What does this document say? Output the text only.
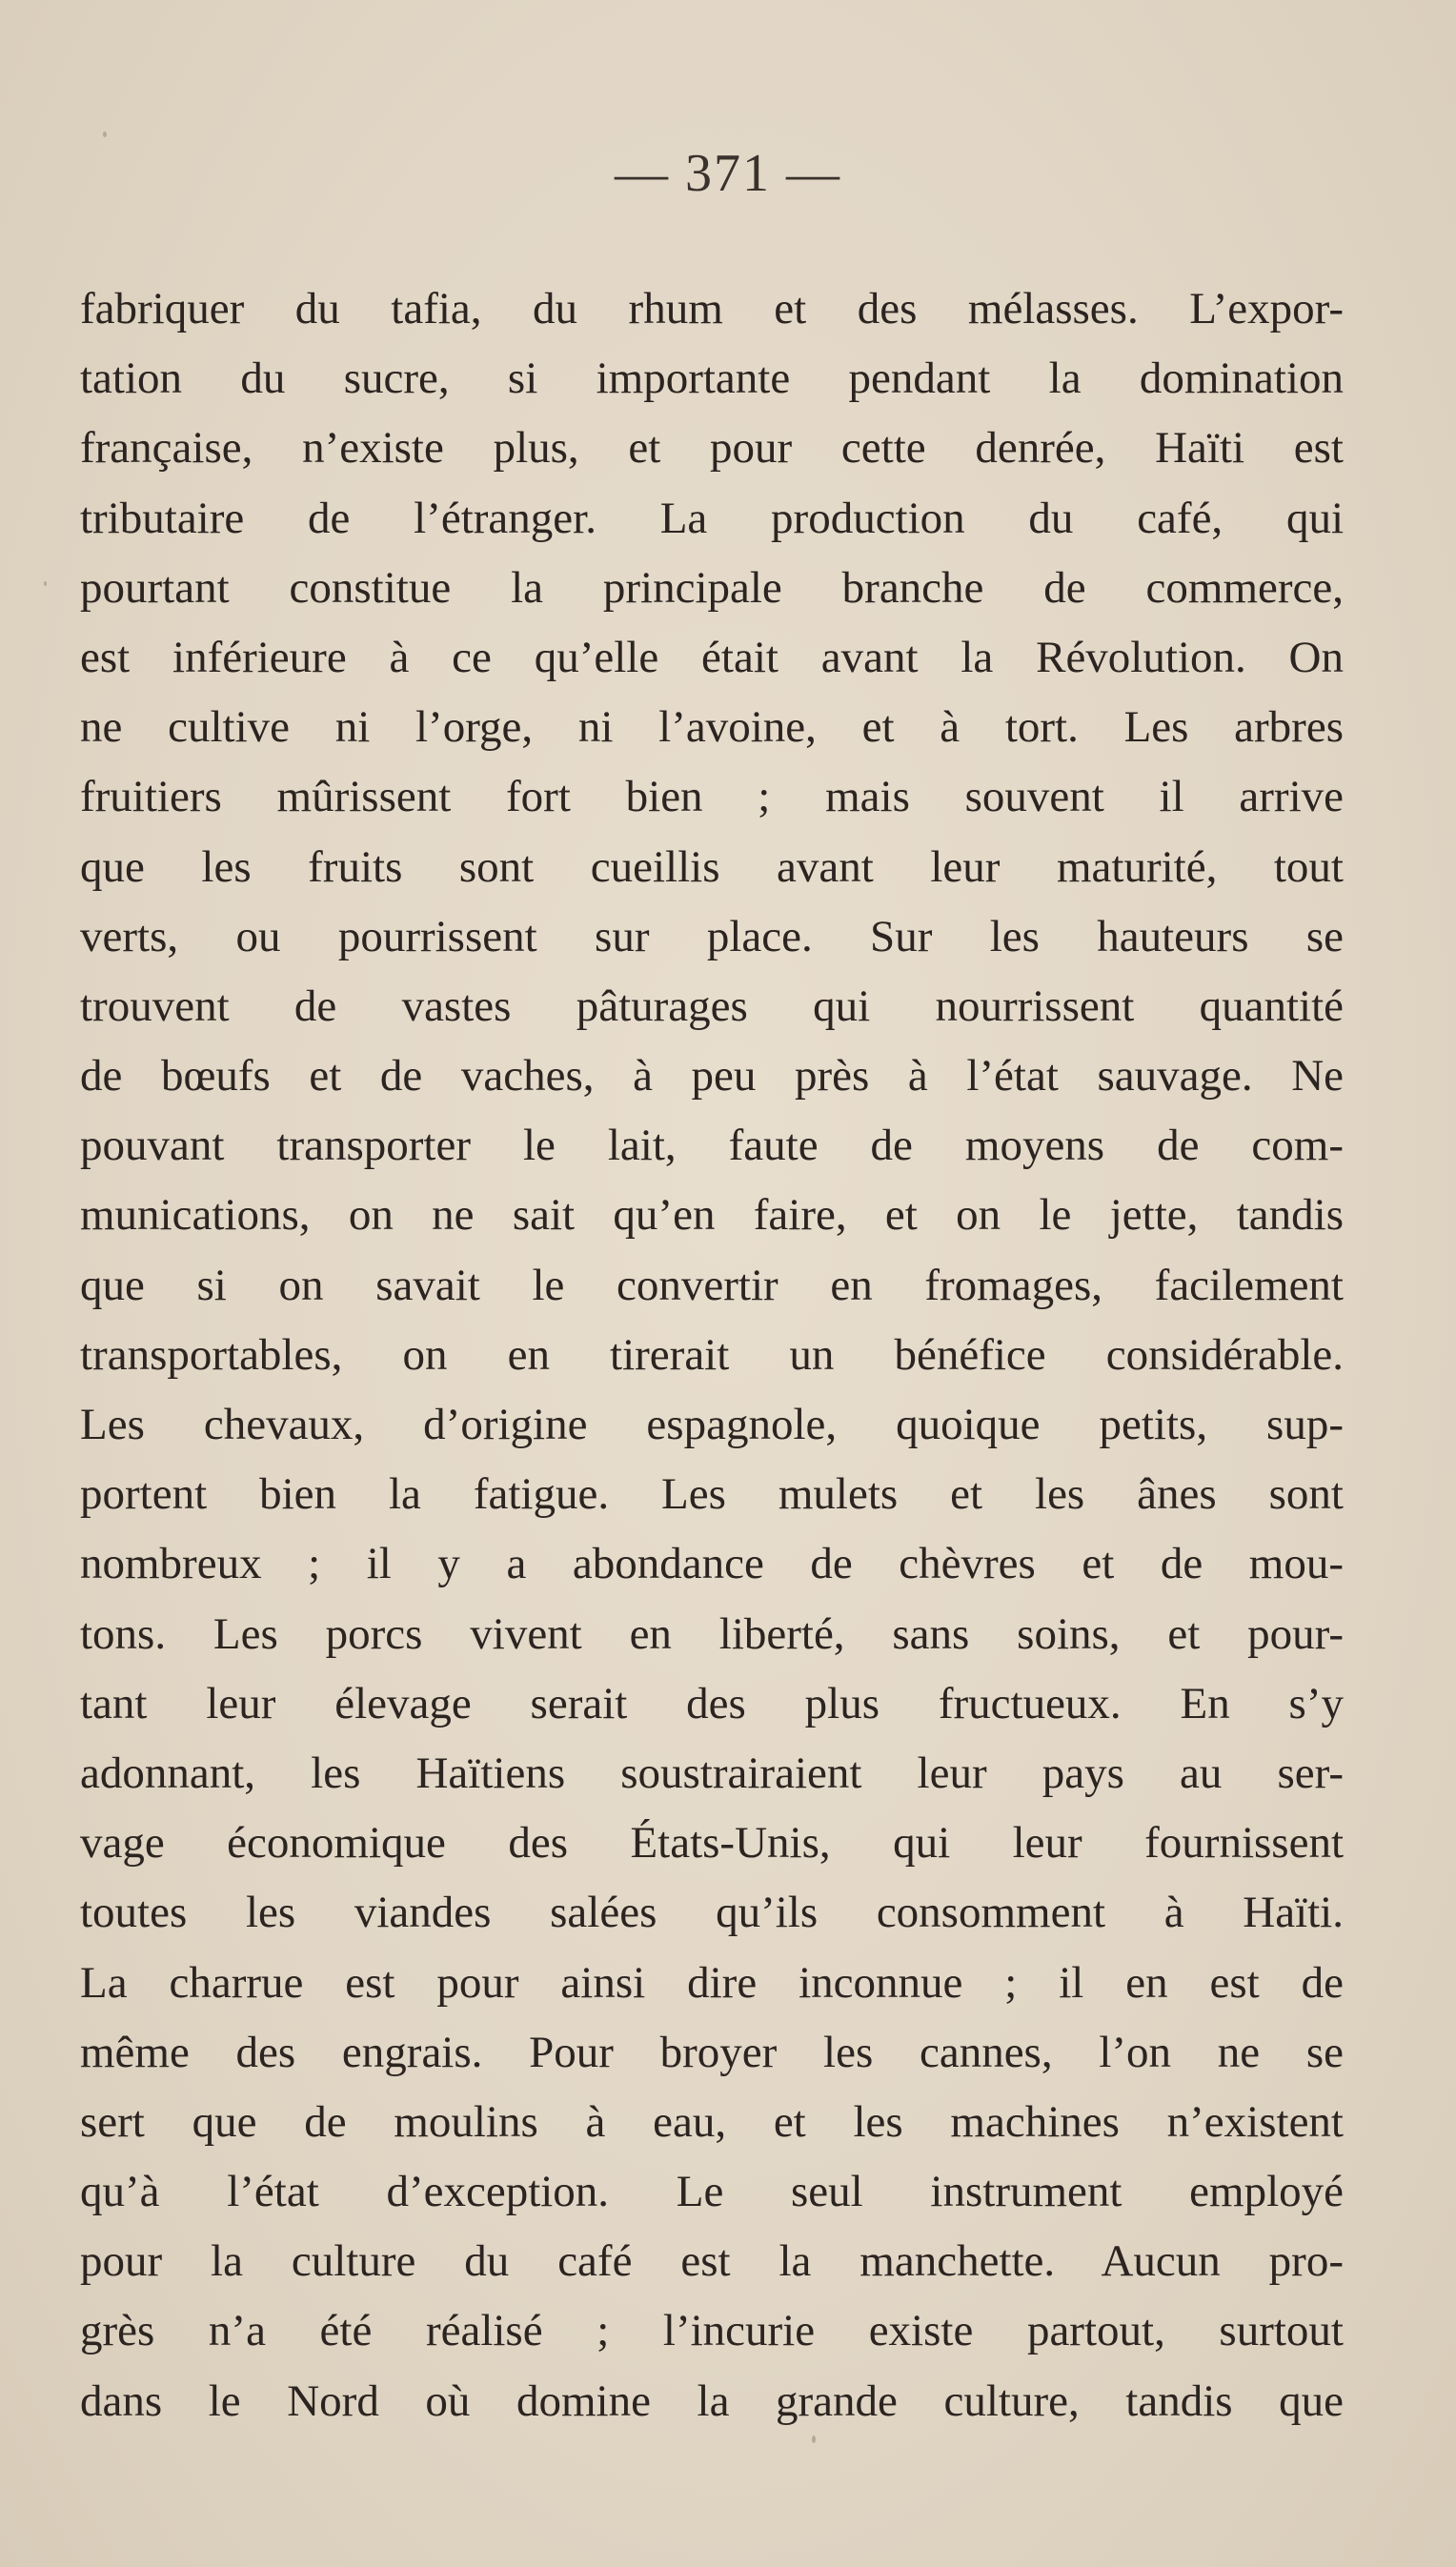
— 371 —
fabriquer du tafia, du rhum et des mélasses. L’expor-
tation du sucre, si importante pendant la domination
française, n’existe plus, et pour cette denrée, Haïti est
tributaire de l’étranger. La production du café, qui
pourtant constitue la principale branche de commerce,
est inférieure à ce qu’elle était avant la Révolution. On
ne cultive ni l’orge, ni l’avoine, et à tort. Les arbres
fruitiers mûrissent fort bien ; mais souvent il arrive
que les fruits sont cueillis avant leur maturité, tout
verts, ou pourrissent sur place. Sur les hauteurs se
trouvent de vastes pâturages qui nourrissent quantité
de bœufs et de vaches, à peu près à l’état sauvage. Ne
pouvant transporter le lait, faute de moyens de com-
munications, on ne sait qu’en faire, et on le jette, tandis
que si on savait le convertir en fromages, facilement
transportables, on en tirerait un bénéfice considérable.
Les chevaux, d’origine espagnole, quoique petits, sup-
portent bien la fatigue. Les mulets et les ânes sont
nombreux ; il y a abondance de chèvres et de mou-
tons. Les porcs vivent en liberté, sans soins, et pour-
tant leur élevage serait des plus fructueux. En s’y
adonnant, les Haïtiens soustrairaient leur pays au ser-
vage économique des États-Unis, qui leur fournissent
toutes les viandes salées qu’ils consomment à Haïti.
La charrue est pour ainsi dire inconnue ; il en est de
même des engrais. Pour broyer les cannes, l’on ne se
sert que de moulins à eau, et les machines n’existent
qu’à l’état d’exception. Le seul instrument employé
pour la culture du café est la manchette. Aucun pro-
grès n’a été réalisé ; l’incurie existe partout, surtout
dans le Nord où domine la grande culture, tandis que
